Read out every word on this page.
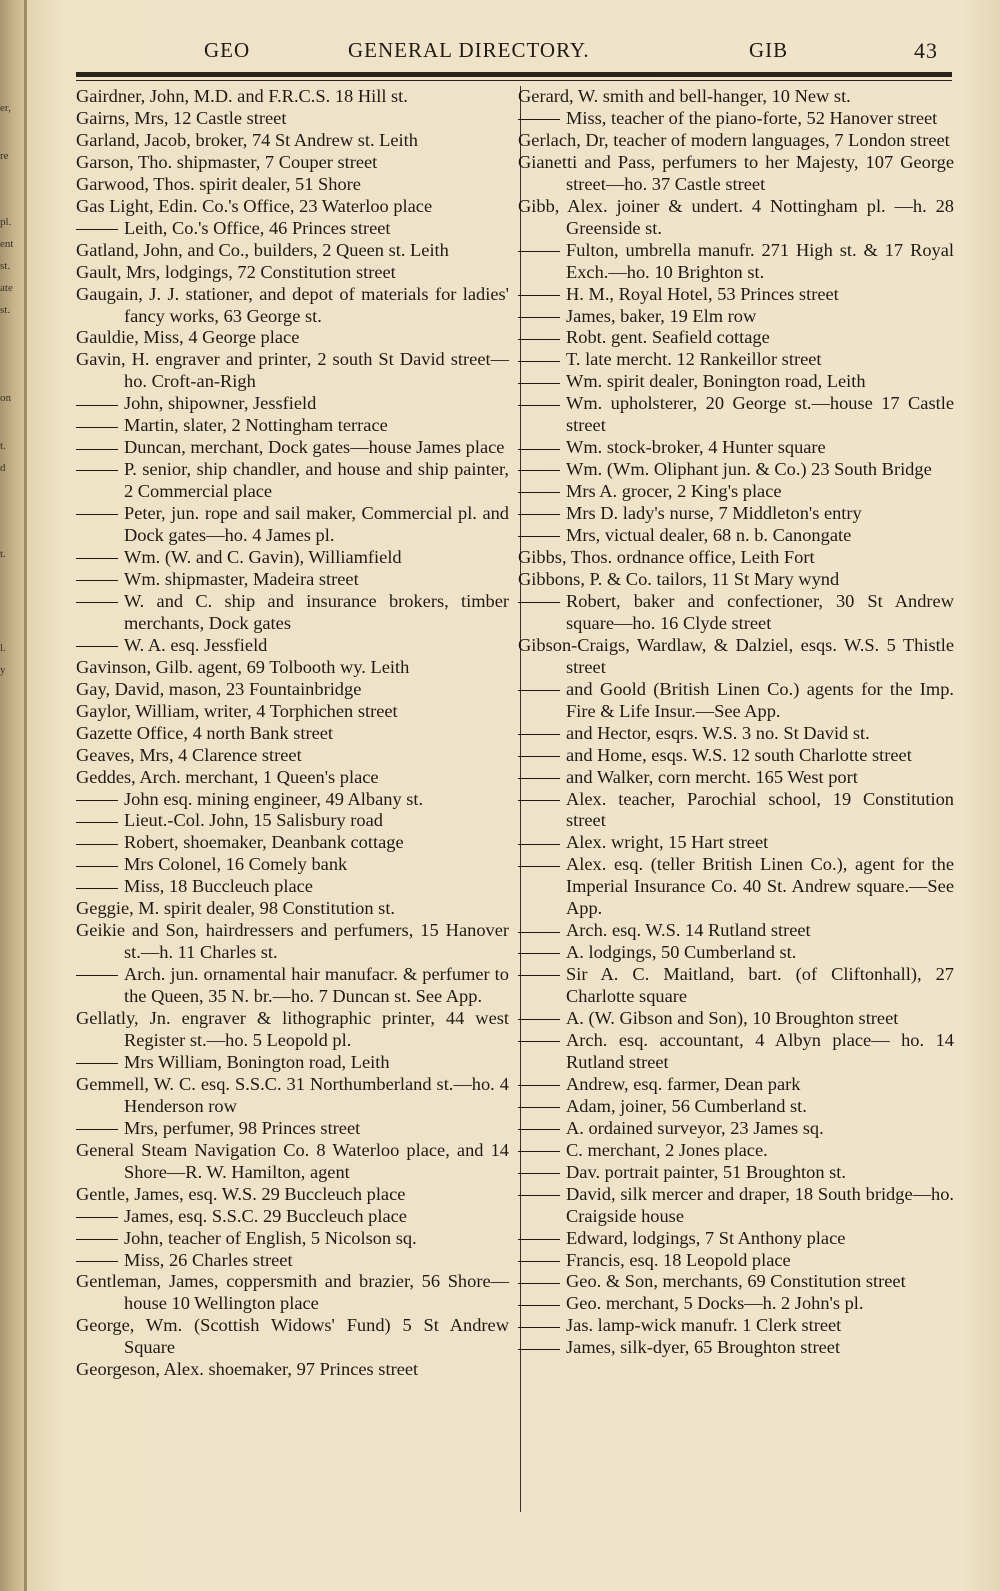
er,
re
pl.
ent
st.
ate
st.
on
t.
d
t.
l.
y
GEO	GENERAL DIRECTORY.	GIB	43
Gairdner, John, M.D. and F.R.C.S. 18 Hill st.
Gairns, Mrs, 12 Castle street
Garland, Jacob, broker, 74 St Andrew st. Leith
Garson, Tho. shipmaster, 7 Couper street
Garwood, Thos. spirit dealer, 51 Shore
Gas Light, Edin. Co.'s Office, 23 Waterloo place
Leith, Co.'s Office, 46 Princes street
Gatland, John, and Co., builders, 2 Queen st. Leith
Gault, Mrs, lodgings, 72 Constitution street
Gaugain, J. J. stationer, and depot of materials for ladies' fancy works, 63 George st.
Gauldie, Miss, 4 George place
Gavin, H. engraver and printer, 2 south St David street—ho. Croft-an-Righ
John, shipowner, Jessfield
Martin, slater, 2 Nottingham terrace
Duncan, merchant, Dock gates—house James place
P. senior, ship chandler, and house and ship painter, 2 Commercial place
Peter, jun. rope and sail maker, Commercial pl. and Dock gates—ho. 4 James pl.
Wm. (W. and C. Gavin), Williamfield
Wm. shipmaster, Madeira street
W. and C. ship and insurance brokers, timber merchants, Dock gates
W. A. esq. Jessfield
Gavinson, Gilb. agent, 69 Tolbooth wy. Leith
Gay, David, mason, 23 Fountainbridge
Gaylor, William, writer, 4 Torphichen street
Gazette Office, 4 north Bank street
Geaves, Mrs, 4 Clarence street
Geddes, Arch. merchant, 1 Queen's place
John esq. mining engineer, 49 Albany st.
Lieut.-Col. John, 15 Salisbury road
Robert, shoemaker, Deanbank cottage
Mrs Colonel, 16 Comely bank
Miss, 18 Buccleuch place
Geggie, M. spirit dealer, 98 Constitution st.
Geikie and Son, hairdressers and perfumers, 15 Hanover st.—h. 11 Charles st.
Arch. jun. ornamental hair manufacr. & perfumer to the Queen, 35 N. br.—ho. 7 Duncan st. See App.
Gellatly, Jn. engraver & lithographic printer, 44 west Register st.—ho. 5 Leopold pl.
Mrs William, Bonington road, Leith
Gemmell, W. C. esq. S.S.C. 31 Northumberland st.—ho. 4 Henderson row
Mrs, perfumer, 98 Princes street
General Steam Navigation Co. 8 Waterloo place, and 14 Shore—R. W. Hamilton, agent
Gentle, James, esq. W.S. 29 Buccleuch place
James, esq. S.S.C. 29 Buccleuch place
John, teacher of English, 5 Nicolson sq.
Miss, 26 Charles street
Gentleman, James, coppersmith and brazier, 56 Shore—house 10 Wellington place
George, Wm. (Scottish Widows' Fund) 5 St Andrew Square
Georgeson, Alex. shoemaker, 97 Princes street
Gerard, W. smith and bell-hanger, 10 New st.
Miss, teacher of the piano-forte, 52 Hanover street
Gerlach, Dr, teacher of modern languages, 7 London street
Gianetti and Pass, perfumers to her Majesty, 107 George street—ho. 37 Castle street
Gibb, Alex. joiner & undert. 4 Nottingham pl. —h. 28 Greenside st.
Fulton, umbrella manufr. 271 High st. & 17 Royal Exch.—ho. 10 Brighton st.
H. M., Royal Hotel, 53 Princes street
James, baker, 19 Elm row
Robt. gent. Seafield cottage
T. late mercht. 12 Rankeillor street
Wm. spirit dealer, Bonington road, Leith
Wm. upholsterer, 20 George st.—house 17 Castle street
Wm. stock-broker, 4 Hunter square
Wm. (Wm. Oliphant jun. & Co.) 23 South Bridge
Mrs A. grocer, 2 King's place
Mrs D. lady's nurse, 7 Middleton's entry
Mrs, victual dealer, 68 n. b. Canongate
Gibbs, Thos. ordnance office, Leith Fort
Gibbons, P. & Co. tailors, 11 St Mary wynd
Robert, baker and confectioner, 30 St Andrew square—ho. 16 Clyde street
Gibson-Craigs, Wardlaw, & Dalziel, esqs. W.S. 5 Thistle street
and Goold (British Linen Co.) agents for the Imp. Fire & Life Insur.—See App.
and Hector, esqrs. W.S. 3 no. St David st.
and Home, esqs. W.S. 12 south Charlotte street
and Walker, corn mercht. 165 West port
Alex. teacher, Parochial school, 19 Constitution street
Alex. wright, 15 Hart street
Alex. esq. (teller British Linen Co.), agent for the Imperial Insurance Co. 40 St. Andrew square.—See App.
Arch. esq. W.S. 14 Rutland street
A. lodgings, 50 Cumberland st.
Sir A. C. Maitland, bart. (of Cliftonhall), 27 Charlotte square
A. (W. Gibson and Son), 10 Broughton street
Arch. esq. accountant, 4 Albyn place— ho. 14 Rutland street
Andrew, esq. farmer, Dean park
Adam, joiner, 56 Cumberland st.
A. ordained surveyor, 23 James sq.
C. merchant, 2 Jones place.
Dav. portrait painter, 51 Broughton st.
David, silk mercer and draper, 18 South bridge—ho. Craigside house
Edward, lodgings, 7 St Anthony place
Francis, esq. 18 Leopold place
Geo. & Son, merchants, 69 Constitution street
Geo. merchant, 5 Docks—h. 2 John's pl.
Jas. lamp-wick manufr. 1 Clerk street
James, silk-dyer, 65 Broughton street
